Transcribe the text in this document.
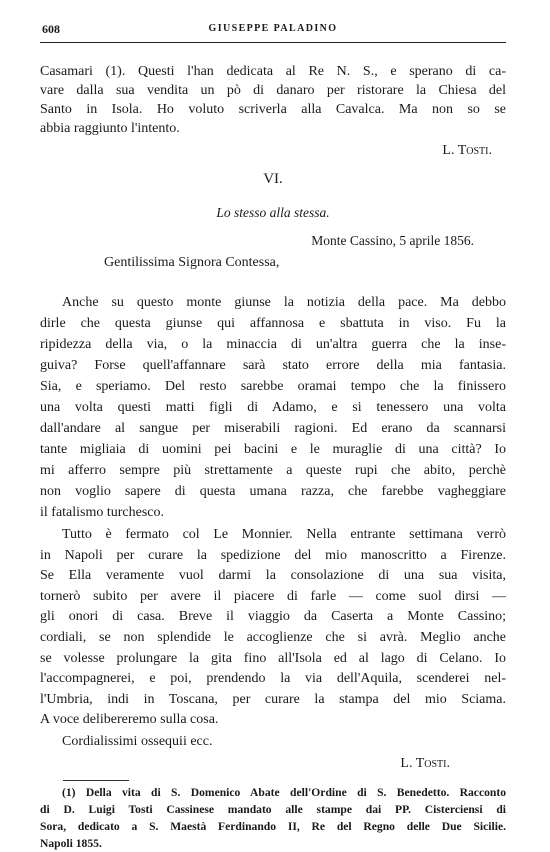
608	GIUSEPPE PALADINO
Casamari (1). Questi l'han dedicata al Re N. S., e sperano di ca-
vare dalla sua vendita un pò di danaro per ristorare la Chiesa del
Santo in Isola. Ho voluto scriverla alla Cavalca. Ma non so se
abbia raggiunto l'intento.
L. Tosti.
VI.
Lo stesso alla stessa.
Monte Cassino, 5 aprile 1856.
Gentilissima Signora Contessa,
Anche su questo monte giunse la notizia della pace. Ma debbo
dirle che questa giunse qui affannosa e sbattuta in viso. Fu la
ripidezza della via, o la minaccia di un'altra guerra che la inse-
guiva? Forse quell'affannare sarà stato errore della mia fantasia.
Sia, e speriamo. Del resto sarebbe oramai tempo che la finissero
una volta questi matti figli di Adamo, e si tenessero una volta
dall'andare al sangue per miserabili ragioni. Ed erano da scannarsi
tante migliaia di uomini pei bacini e le muraglie di una città? Io
mi afferro sempre più strettamente a queste rupi che abito, perchè
non voglio sapere di questa umana razza, che farebbe vagheggiare
il fatalismo turchesco.
Tutto è fermato col Le Monnier. Nella entrante settimana verrò
in Napoli per curare la spedizione del mio manoscritto a Firenze.
Se Ella veramente vuol darmi la consolazione di una sua visita,
tornerò subito per avere il piacere di farle — come suol dirsi —
gli onori di casa. Breve il viaggio da Caserta a Monte Cassino;
cordiali, se non splendide le accoglienze che si avrà. Meglio anche
se volesse prolungare la gita fino all'Isola ed al lago di Celano. Io
l'accompagnerei, e poi, prendendo la via dell'Aquila, scenderei nel-
l'Umbria, indi in Toscana, per curare la stampa del mio Sciama.
A voce delibereremo sulla cosa.
(1) Della vita di S. Domenico Abate dell'Ordine di S. Benedetto. Racconto
di D. Luigi Tosti Cassinese mandato alle stampe dai PP. Cisterciensi di
Sora, dedicato a S. Maestà Ferdinando II, Re del Regno delle Due Sicilie.
Napoli 1855.
Cordialissimi ossequii ecc.
L. Tosti.
